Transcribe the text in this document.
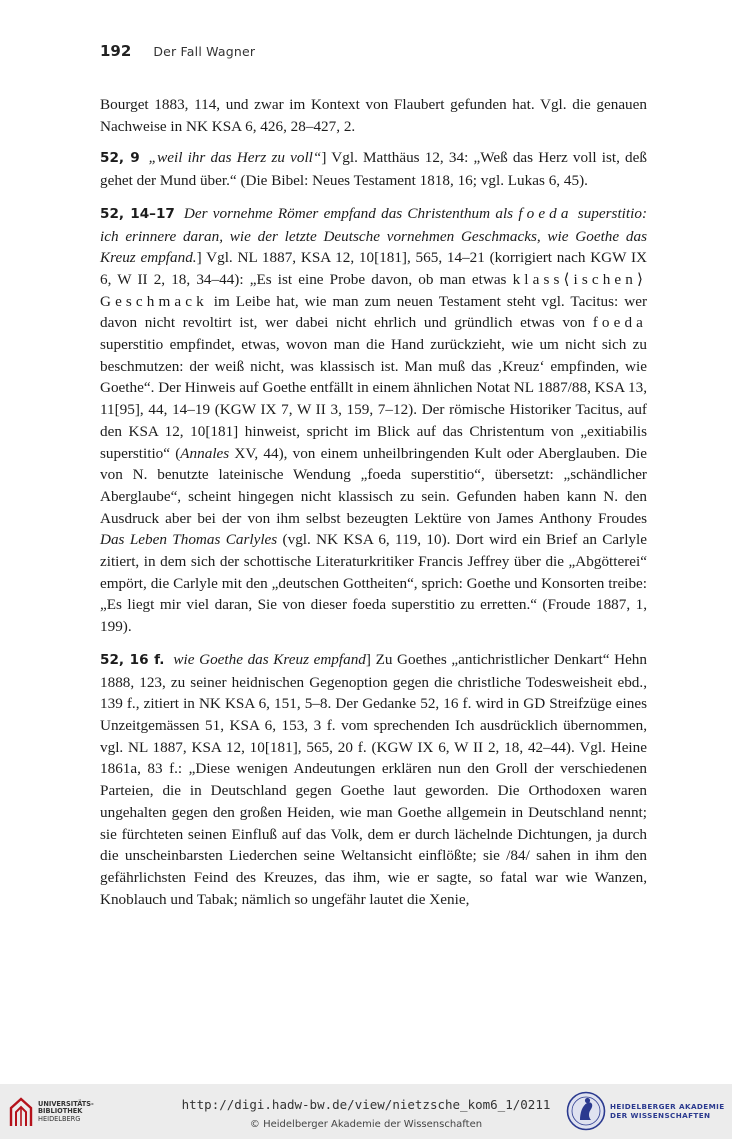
192 Der Fall Wagner

Bourget 1883, 114, und zwar im Kontext von Flaubert gefunden hat. Vgl. die genauen Nachweise in NK KSA 6, 426, 28–427, 2.

52, 9 „weil ihr das Herz zu voll“] Vgl. Matthäus 12, 34: „Weß das Herz voll ist, deß gehet der Mund über.“ (Die Bibel: Neues Testament 1818, 16; vgl. Lukas 6, 45).

52, 14–17 Der vornehme Römer empfand das Christenthum als foeda superstitio: ich erinnere daran, wie der letzte Deutsche vornehmen Geschmacks, wie Goethe das Kreuz empfand.] Vgl. NL 1887, KSA 12, 10[181], 565, 14–21 (korrigiert nach KGW IX 6, W II 2, 18, 34–44): „Es ist eine Probe davon, ob man etwas klass⟨ischen⟩ Geschmack im Leibe hat, wie man zum neuen Testament steht vgl. Tacitus: wer davon nicht revoltirt ist, wer dabei nicht ehrlich und gründlich etwas von foeda superstitio empfindet, etwas, wovon man die Hand zurückzieht, wie um nicht sich zu beschmutzen: der weiß nicht, was klassisch ist. Man muß das ‚Kreuz‘ empfinden, wie Goethe“. Der Hinweis auf Goethe entfällt in einem ähnlichen Notat NL 1887/88, KSA 13, 11[95], 44, 14–19 (KGW IX 7, W II 3, 159, 7–12). Der römische Historiker Tacitus, auf den KSA 12, 10[181] hinweist, spricht im Blick auf das Christentum von „exitiabilis superstitio“ (Annales XV, 44), von einem unheilbringenden Kult oder Aberglauben. Die von N. benutzte lateinische Wendung „foeda superstitio“, übersetzt: „schändlicher Aberglaube“, scheint hingegen nicht klassisch zu sein. Gefunden haben kann N. den Ausdruck aber bei der von ihm selbst bezeugten Lektüre von James Anthony Froudes Das Leben Thomas Carlyles (vgl. NK KSA 6, 119, 10). Dort wird ein Brief an Carlyle zitiert, in dem sich der schottische Literaturkritiker Francis Jeffrey über die „Abgötterei“ empört, die Carlyle mit den „deutschen Gottheiten“, sprich: Goethe und Konsorten treibe: „Es liegt mir viel daran, Sie von dieser foeda superstitio zu erretten.“ (Froude 1887, 1, 199).

52, 16 f. wie Goethe das Kreuz empfand] Zu Goethes „antichristlicher Denkart“ Hehn 1888, 123, zu seiner heidnischen Gegenoption gegen die christliche Todesweisheit ebd., 139 f., zitiert in NK KSA 6, 151, 5–8. Der Gedanke 52, 16 f. wird in GD Streifzüge eines Unzeitgemässen 51, KSA 6, 153, 3 f. vom sprechenden Ich ausdrücklich übernommen, vgl. NL 1887, KSA 12, 10[181], 565, 20 f. (KGW IX 6, W II 2, 18, 42–44). Vgl. Heine 1861a, 83 f.: „Diese wenigen Andeutungen erklären nun den Groll der verschiedenen Parteien, die in Deutschland gegen Goethe laut geworden. Die Orthodoxen waren ungehalten gegen den großen Heiden, wie man Goethe allgemein in Deutschland nennt; sie fürchteten seinen Einfluß auf das Volk, dem er durch lächelnde Dichtungen, ja durch die unscheinbarsten Liederchen seine Weltansicht einflößte; sie /84/ sahen in ihm den gefährlichsten Feind des Kreuzes, das ihm, wie er sagte, so fatal war wie Wanzen, Knoblauch und Tabak; nämlich so ungefähr lautet die Xenie,

UNIVERSITÄTS-
BIBLIOTHEK
HEIDELBERG
http://digi.hadw-bw.de/view/nietzsche_kom6_1/0211
© Heidelberger Akademie der Wissenschaften
HEIDELBERGER AKADEMIE
DER WISSENSCHAFTEN
